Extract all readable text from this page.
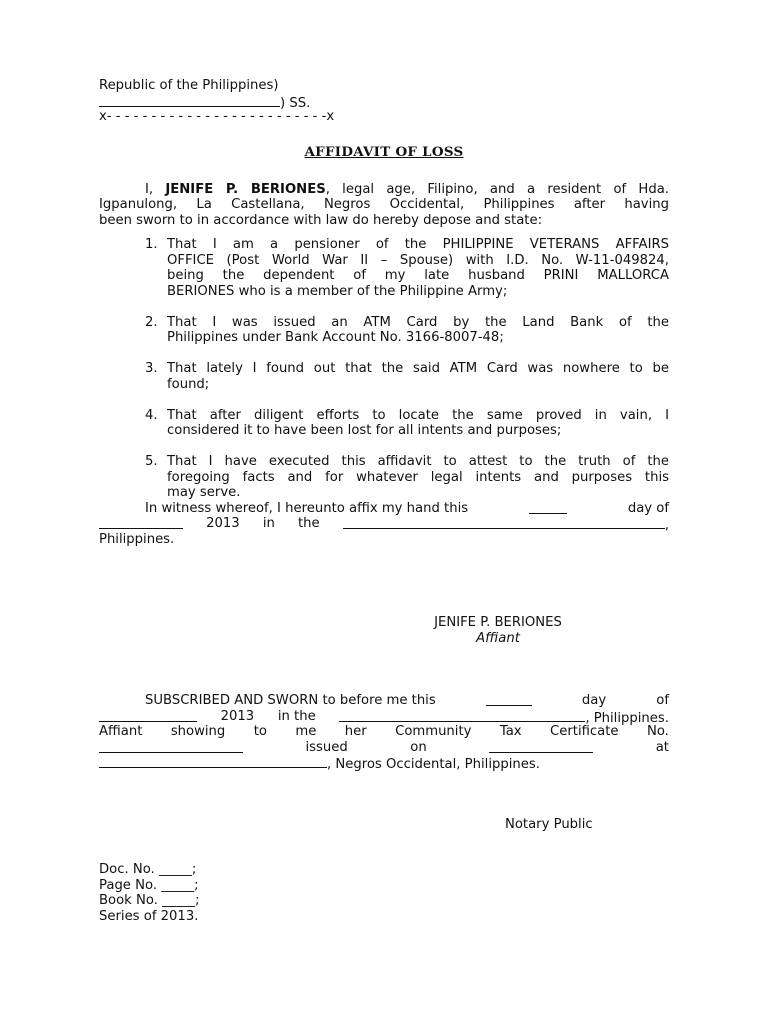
Republic of the Philippines)
) SS.
x- - - - - - - - - - - - - - - - - - - - - - - - -x
AFFIDAVIT OF LOSS
I, JENIFE P. BERIONES, legal age, Filipino, and a resident of Hda.
Igpanulong, La Castellana, Negros Occidental, Philippines after having
been sworn to in accordance with law do hereby depose and state:
1. That I am a pensioner of the PHILIPPINE VETERANS AFFAIRS
OFFICE (Post World War II – Spouse) with I.D. No. W-11-049824,
being the dependent of my late husband PRINI MALLORCA
BERIONES who is a member of the Philippine Army;
2. That I was issued an ATM Card by the Land Bank of the
Philippines under Bank Account No. 3166-8007-48;
3. That lately I found out that the said ATM Card was nowhere to be
found;
4. That after diligent efforts to locate the same proved in vain, I
considered it to have been lost for all intents and purposes;
5. That I have executed this affidavit to attest to the truth of the
foregoing facts and for whatever legal intents and purposes this
may serve.
In witness whereof, I hereunto affix my hand this	day of
2013 in the	,
Philippines.
JENIFE P. BERIONES
Affiant
SUBSCRIBED AND SWORN to before me this	day	of
2013 in the	, Philippines.
Affiant showing to me her Community Tax Certificate No.
issued	on	at
, Negros Occidental, Philippines.
Notary Public
Doc. No. _____;
Page No. _____;
Book No. _____;
Series of 2013.
